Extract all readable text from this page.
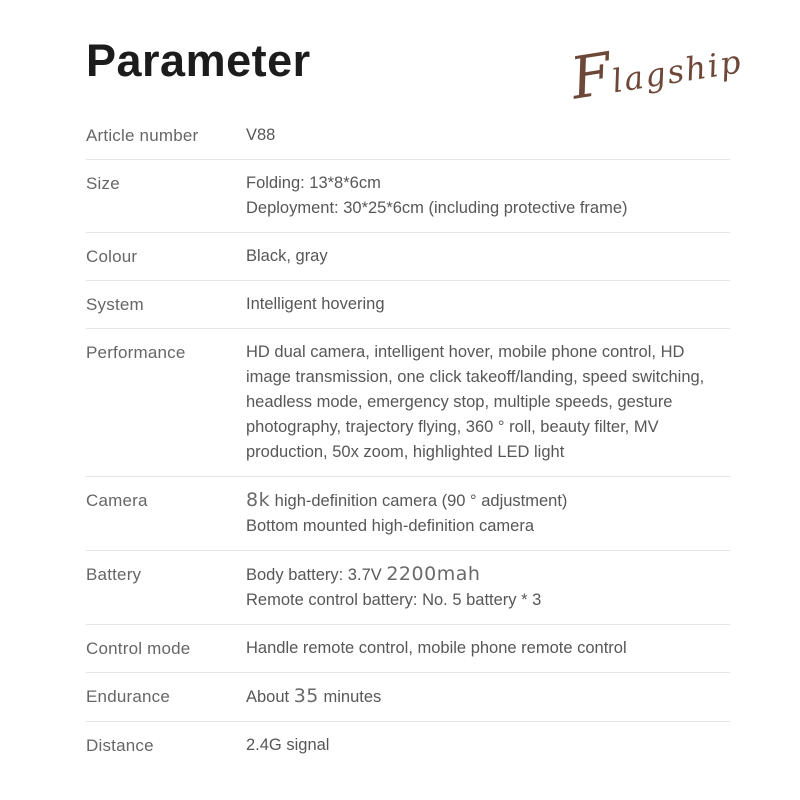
Flagship
Parameter
Article number	V88
Size	Folding: 13*8*6cm
Deployment: 30*25*6cm (including protective frame)
Colour	Black, gray
System	Intelligent hovering
Performance	HD dual camera, intelligent hover, mobile phone control, HD image transmission, one click takeoff/landing, speed switching, headless mode, emergency stop, multiple speeds, gesture photography, trajectory flying, 360 ° roll, beauty filter, MV production, 50x zoom, highlighted LED light
Camera	8k high-definition camera (90 ° adjustment)
Bottom mounted high-definition camera
Battery	Body battery: 3.7V 2200mah
Remote control battery: No. 5 battery * 3
Control mode	Handle remote control, mobile phone remote control
Endurance	About 35 minutes
Distance	2.4G signal
